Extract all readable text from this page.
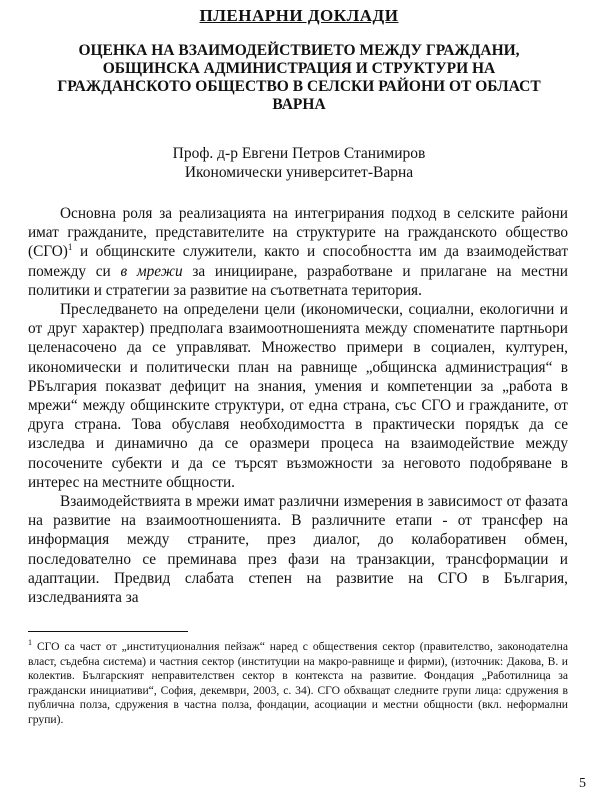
ПЛЕНАРНИ ДОКЛАДИ
ОЦЕНКА НА ВЗАИМОДЕЙСТВИЕТО МЕЖДУ ГРАЖДАНИ, ОБЩИНСКА АДМИНИСТРАЦИЯ И СТРУКТУРИ НА ГРАЖДАНСКОТО ОБЩЕСТВО В СЕЛСКИ РАЙОНИ ОТ ОБЛАСТ ВАРНА
Проф. д-р Евгени Петров Станимиров
Икономически университет-Варна

Основна роля за реализацията на интегрирания подход в селските райони имат гражданите, представителите на структурите на гражданското общество (СГО)$^1$ и общинските служители, както и способността им да взаимодействат помежду си в мрежи за иницииране, разработване и прилагане на местни политики и стратегии за развитие на съответната територия.

Преследването на определени цели (икономически, социални, екологични и от друг характер) предполага взаимоотношенията между споменатите партньори целенасочено да се управляват. Множество примери в социален, културен, икономически и политически план на равнище „общинска администрация“ в РБългария показват дефицит на знания, умения и компетенции за „работа в мрежи“ между общинските структури, от една страна, със СГО и гражданите, от друга страна. Това обуславя необходимостта в практически порядък да се изследва и динамично да се оразмери процеса на взаимодействие между посочените субекти и да се търсят възможности за неговото подобряване в интерес на местните общности.

Взаимодействията в мрежи имат различни измерения в зависимост от фазата на развитие на взаимоотношенията. В различните етапи - от трансфер на информация между страните, през диалог, до колаборативен обмен, последователно се преминава през фази на транзакции, трансформации и адаптации. Предвид слабата степен на развитие на СГО в България, изследванията за

$^1$ СГО са част от „институционалния пейзаж“ наред с обществения сектор (правителство, законодателна власт, съдебна система) и частния сектор (институции на макро-равнище и фирми), (източник: Дакова, В. и колектив. Българският неправителствен сектор в контекста на развитие. Фондация „Работилница за граждански инициативи“, София, декември, 2003, с. 34). СГО обхващат следните групи лица: сдружения в публична полза, сдружения в частна полза, фондации, асоциации и местни общности (вкл. неформални групи).
5
